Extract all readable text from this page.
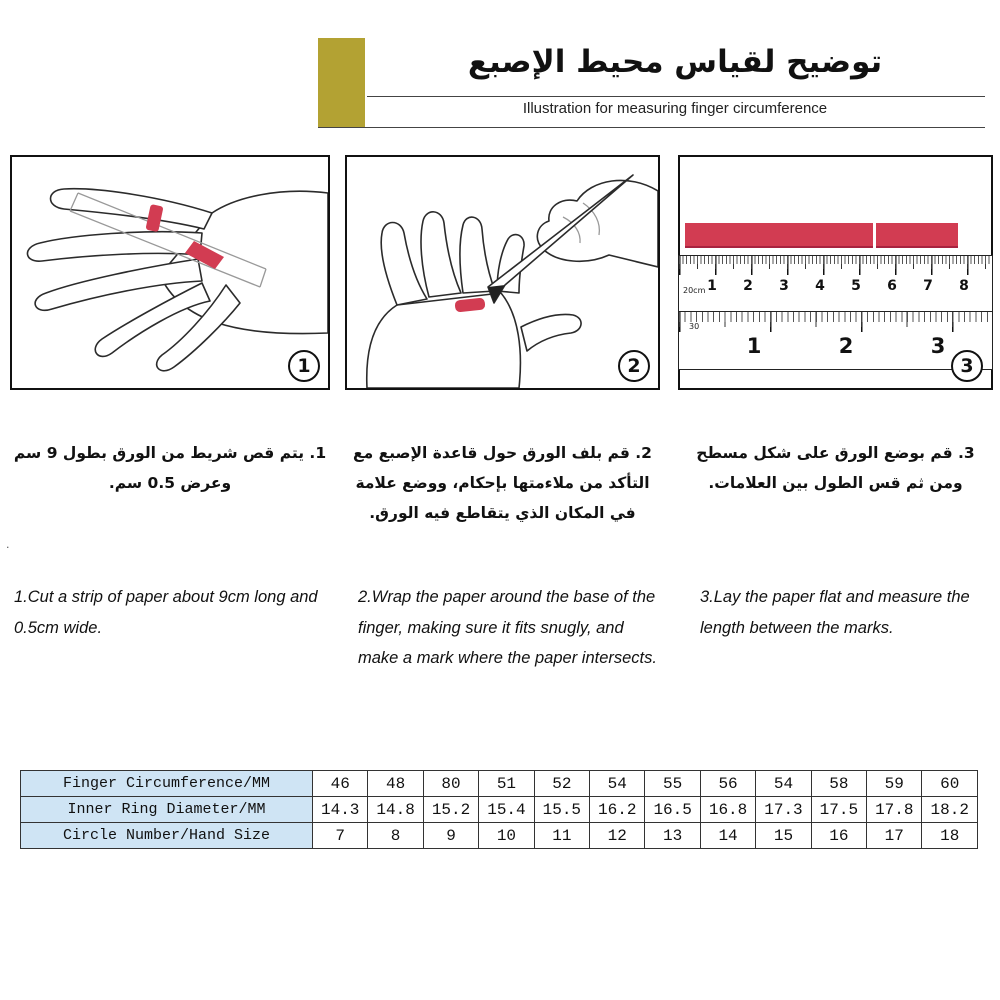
توضيح لقياس محيط الإصبع
Illustration for measuring finger circumference
1	2
20cm 1 2 3 4 5 6 7 8
30
1	2	3
3
1. يتم قص شريط من الورق بطول 9 سم وعرض 0.5 سم.
2. قم بلف الورق حول قاعدة الإصبع مع التأكد من ملاءمتها بإحكام، ووضع علامة في المكان الذي يتقاطع فيه الورق.
3. قم بوضع الورق على شكل مسطح ومن ثم قس الطول بين العلامات.
.
1.Cut a strip of paper about 9cm long and 0.5cm wide.
2.Wrap the paper around the base of the finger, making sure it fits snugly, and make a mark where the paper intersects.
3.Lay the paper flat and measure the length between the marks.
Finger Circumference/MM	46	48	80	51	52	54	55	56	54	58	59	60
Inner Ring Diameter/MM	14.3	14.8	15.2	15.4	15.5	16.2	16.5	16.8	17.3	17.5	17.8	18.2
Circle Number/Hand Size	7	8	9	10	11	12	13	14	15	16	17	18
